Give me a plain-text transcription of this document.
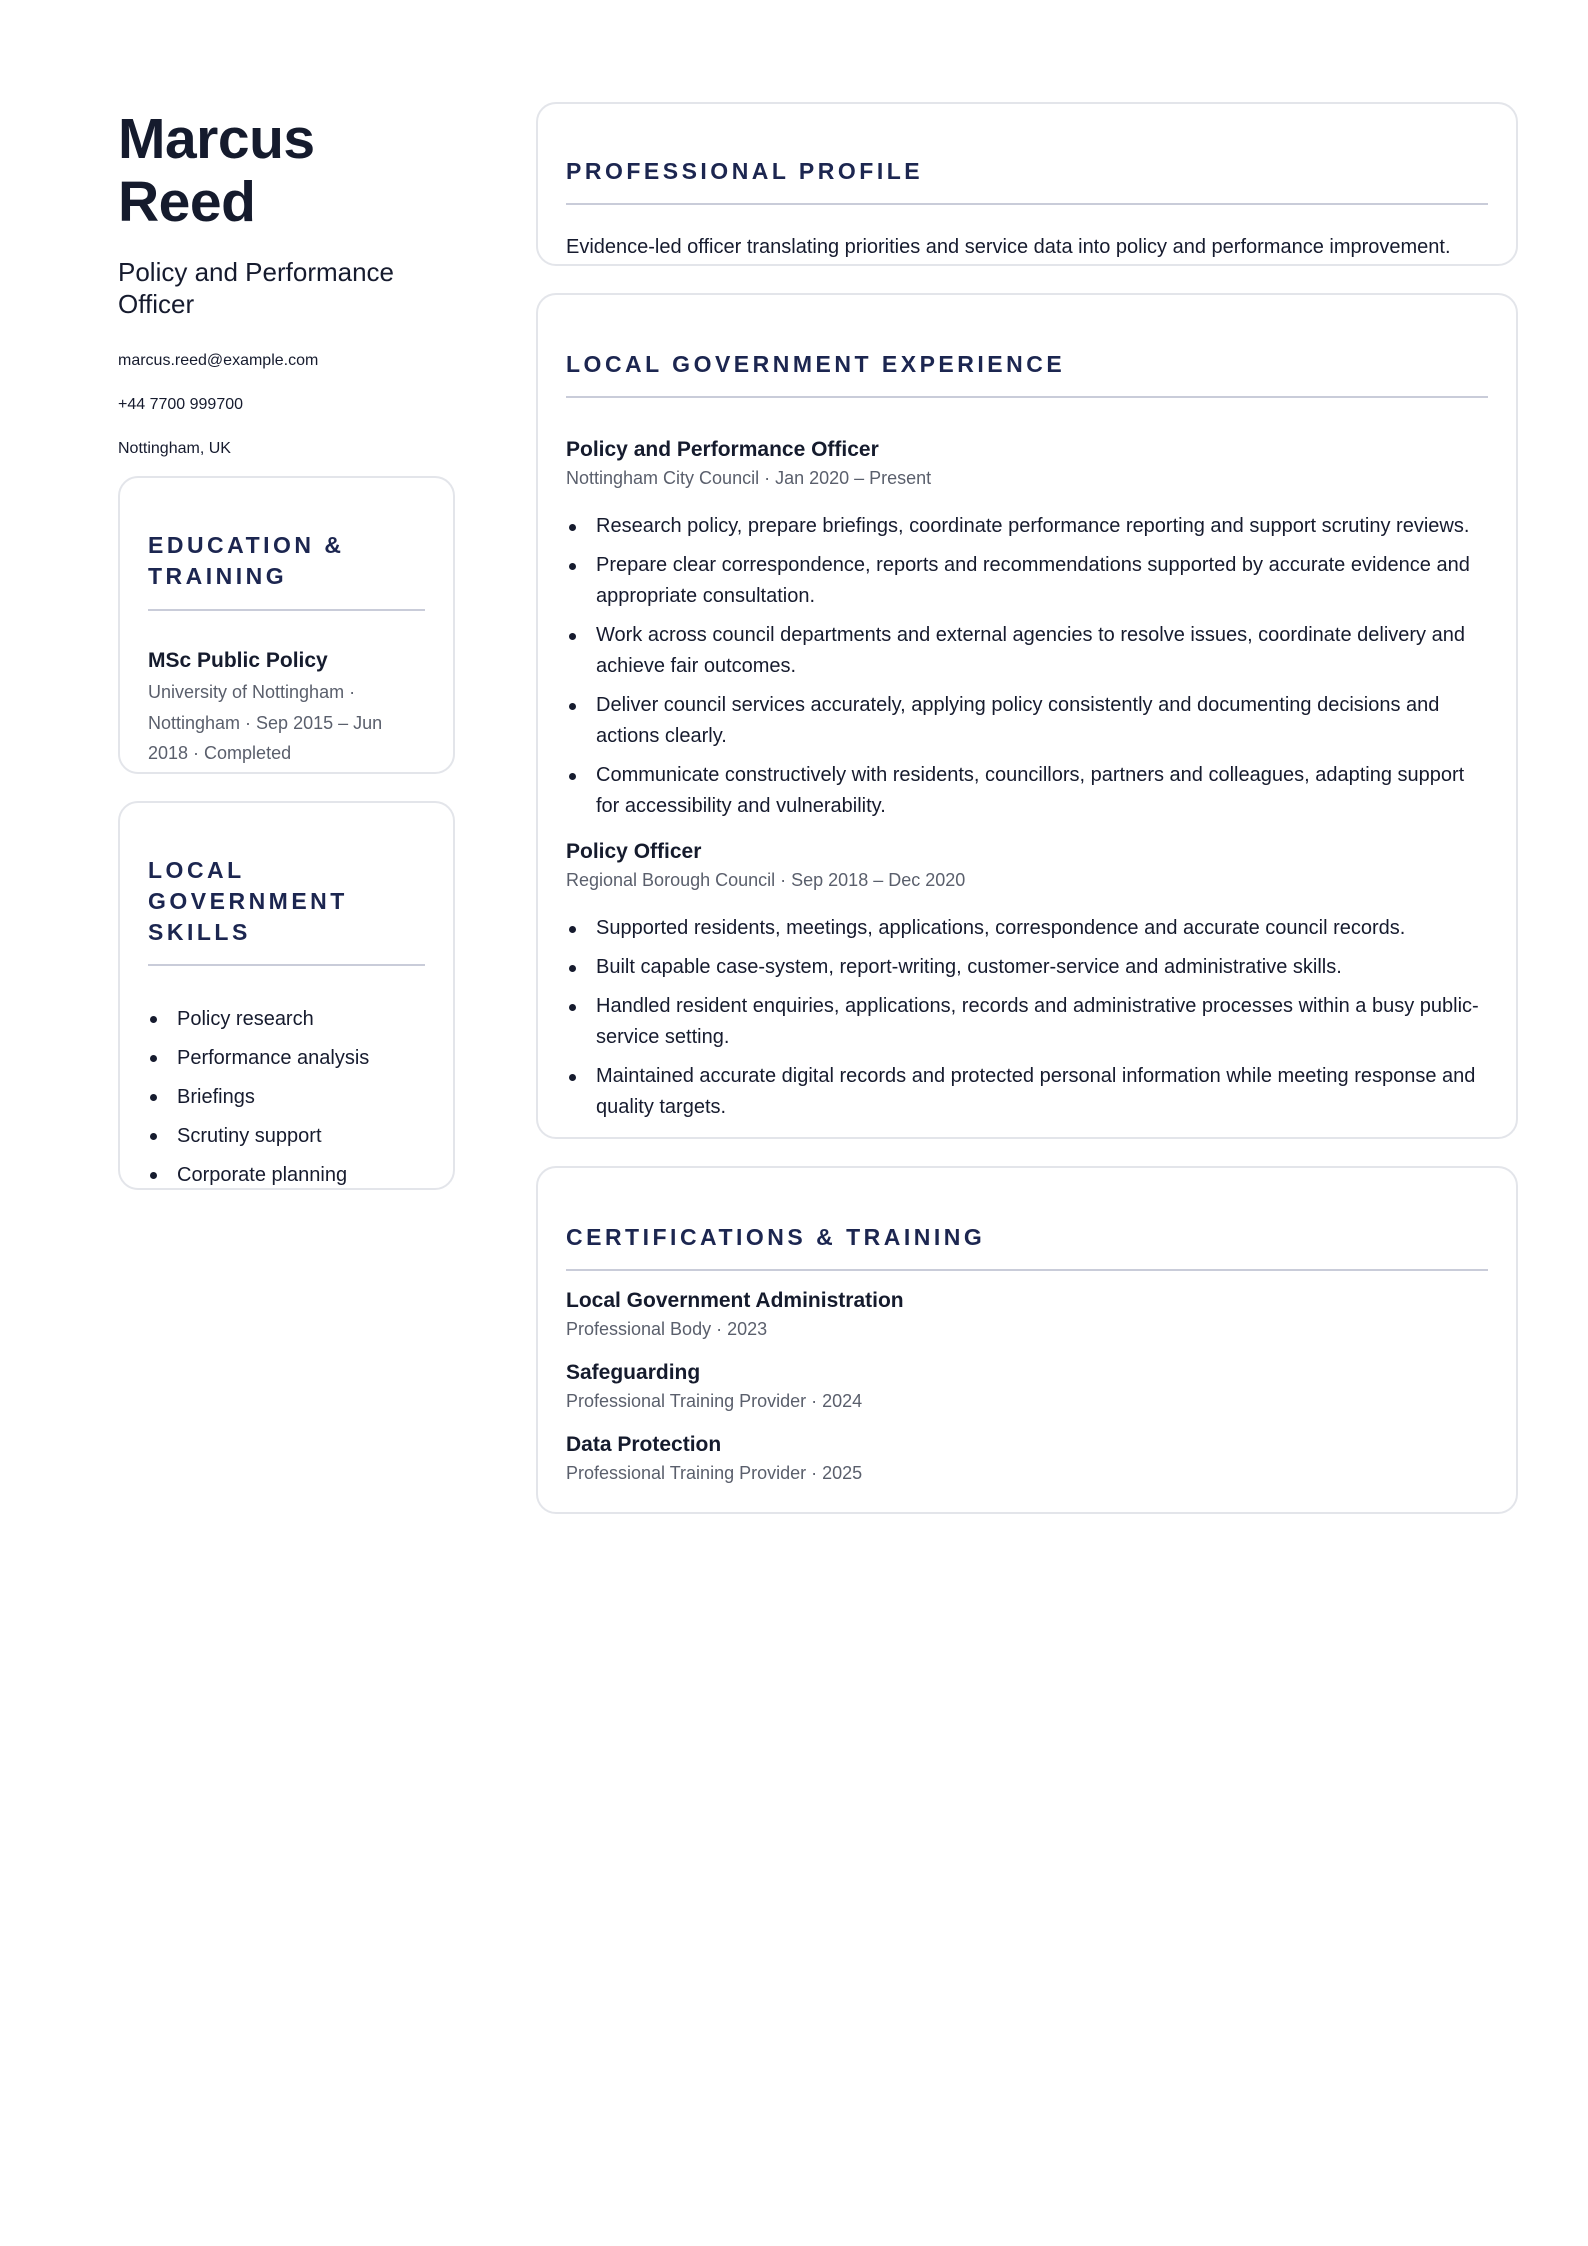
Marcus Reed
Policy and Performance Officer
marcus.reed@example.com
+44 7700 999700
Nottingham, UK
EDUCATION & TRAINING
MSc Public Policy
University of Nottingham · Nottingham · Sep 2015 – Jun 2018 · Completed
LOCAL GOVERNMENT SKILLS
Policy research
Performance analysis
Briefings
Scrutiny support
Corporate planning
PROFESSIONAL PROFILE
Evidence-led officer translating priorities and service data into policy and performance improvement.
LOCAL GOVERNMENT EXPERIENCE
Policy and Performance Officer
Nottingham City Council · Jan 2020 – Present
Research policy, prepare briefings, coordinate performance reporting and support scrutiny reviews.
Prepare clear correspondence, reports and recommendations supported by accurate evidence and appropriate consultation.
Work across council departments and external agencies to resolve issues, coordinate delivery and achieve fair outcomes.
Deliver council services accurately, applying policy consistently and documenting decisions and actions clearly.
Communicate constructively with residents, councillors, partners and colleagues, adapting support for accessibility and vulnerability.
Policy Officer
Regional Borough Council · Sep 2018 – Dec 2020
Supported residents, meetings, applications, correspondence and accurate council records.
Built capable case-system, report-writing, customer-service and administrative skills.
Handled resident enquiries, applications, records and administrative processes within a busy public-service setting.
Maintained accurate digital records and protected personal information while meeting response and quality targets.
CERTIFICATIONS & TRAINING
Local Government Administration
Professional Body · 2023
Safeguarding
Professional Training Provider · 2024
Data Protection
Professional Training Provider · 2025
